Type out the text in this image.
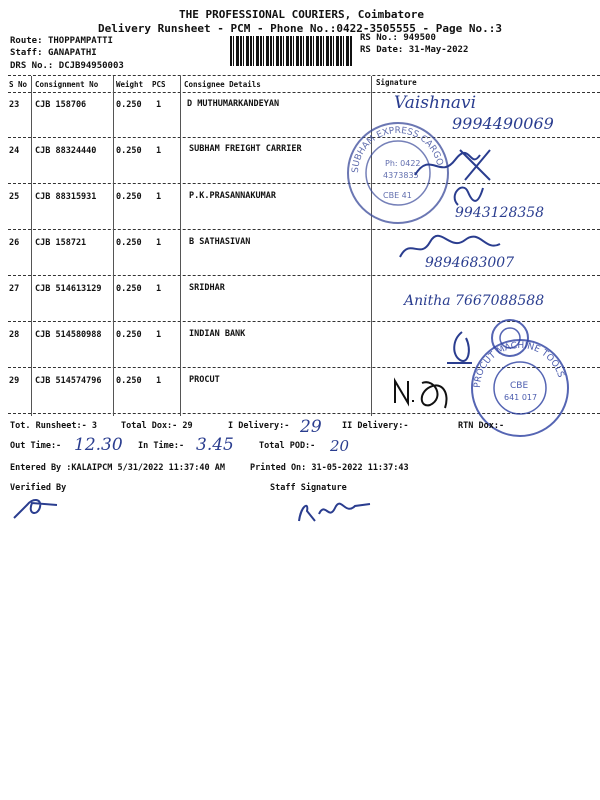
THE PROFESSIONAL COURIERS, Coimbatore
Delivery Runsheet - PCM - Phone No.:0422-3505555 - Page No.:3
Route: THOPPAMPATTI
Staff: GANAPATHI
DRS No.: DCJB94950003
RS No.: 949500
RS Date: 31-May-2022
S No Consignment No Weight PCS Consignee Details	Signature
23 CJB 158706	0.250 1	D MUTHUMARKANDEYAN
24 CJB 88324440 0.250 1	SUBHAM FREIGHT CARRIER
25 CJB 88315931 0.250 1	P.K.PRASANNAKUMAR
26 CJB 158721	0.250 1	B SATHASIVAN
27 CJB 514613129 0.250 1	SRIDHAR
28 CJB 514580988 0.250 1	INDIAN BANK
29 CJB 514574796 0.250 1	PROCUT
SUBHAM EXPRESS CARGO
Ph: 0422
4373835
CBE 41
PROCUT MACHINE TOOLS
CBE
641 017
Vaishnavi
9994490069
9943128358
9894683007
Anitha 7667088588
Tot. Runsheet:- 3	Total Dox:- 29	I Delivery:- 29 II Delivery:-	RTN Dox:-
Out Time:- 12.30 In Time:- 3.45	Total POD:- 20
Entered By :KALAIPCM 5/31/2022 11:37:40 AM	Printed On: 31-05-2022 11:37:43
Verified By	Staff Signature
